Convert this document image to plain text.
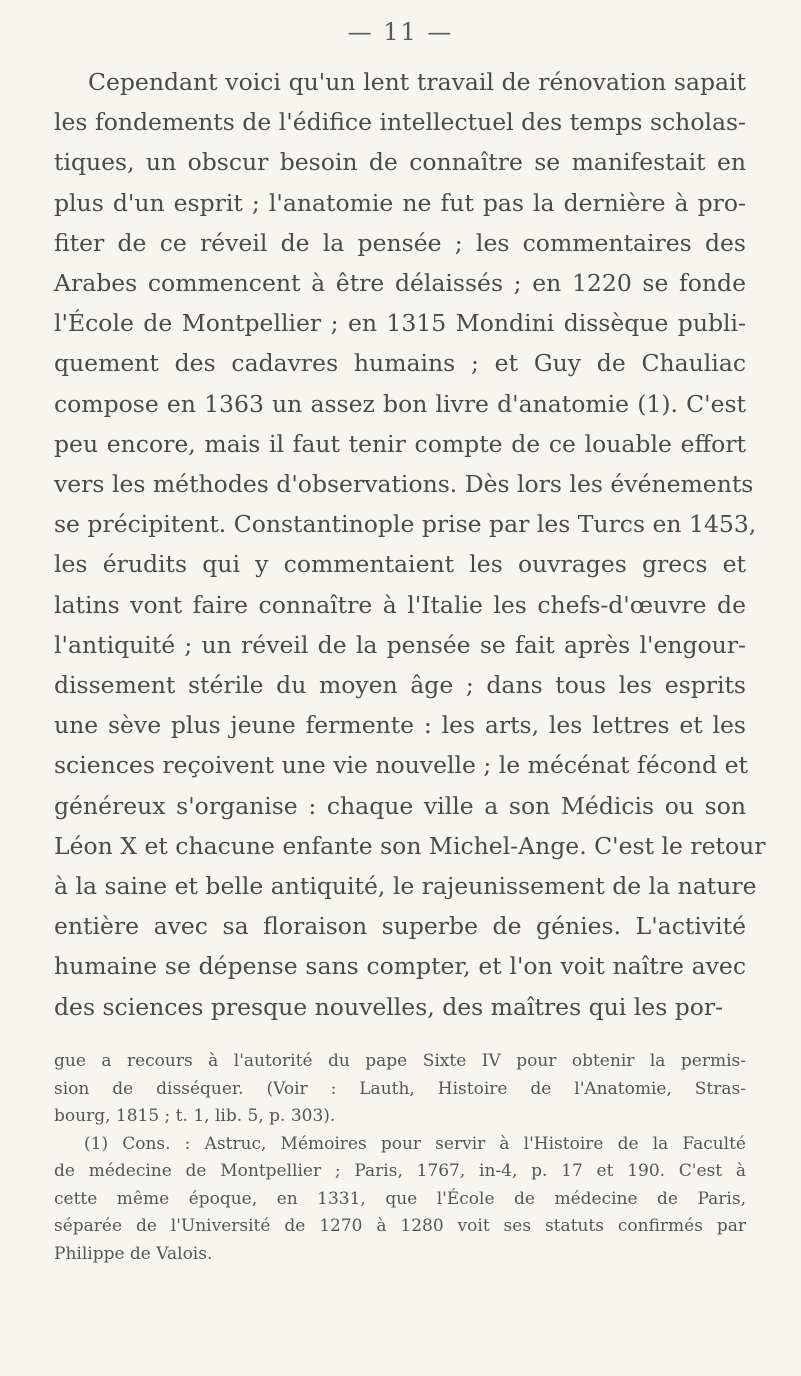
— 11 —
Cependant voici qu'un lent travail de rénovation sapait
les fondements de l'édifice intellectuel des temps scholas-
tiques, un obscur besoin de connaître se manifestait en
plus d'un esprit ; l'anatomie ne fut pas la dernière à pro-
fiter de ce réveil de la pensée ; les commentaires des
Arabes commencent à être délaissés ; en 1220 se fonde
l'École de Montpellier ; en 1315 Mondini dissèque publi-
quement des cadavres humains ; et Guy de Chauliac
compose en 1363 un assez bon livre d'anatomie (1). C'est
peu encore, mais il faut tenir compte de ce louable effort
vers les méthodes d'observations. Dès lors les événements
se précipitent. Constantinople prise par les Turcs en 1453,
les érudits qui y commentaient les ouvrages grecs et
latins vont faire connaître à l'Italie les chefs-d'œuvre de
l'antiquité ; un réveil de la pensée se fait après l'engour-
dissement stérile du moyen âge ; dans tous les esprits
une sève plus jeune fermente : les arts, les lettres et les
sciences reçoivent une vie nouvelle ; le mécénat fécond et
généreux s'organise : chaque ville a son Médicis ou son
Léon X et chacune enfante son Michel-Ange. C'est le retour
à la saine et belle antiquité, le rajeunissement de la nature
entière avec sa floraison superbe de génies. L'activité
humaine se dépense sans compter, et l'on voit naître avec
des sciences presque nouvelles, des maîtres qui les por-
gue a recours à l'autorité du pape Sixte IV pour obtenir la permis-
sion de disséquer. (Voir : Lauth, Histoire de l'Anatomie, Stras-
bourg, 1815 ; t. 1, lib. 5, p. 303).
(1) Cons. : Astruc, Mémoires pour servir à l'Histoire de la Faculté
de médecine de Montpellier ; Paris, 1767, in-4, p. 17 et 190. C'est à
cette même époque, en 1331, que l'École de médecine de Paris,
séparée de l'Université de 1270 à 1280 voit ses statuts confirmés par
Philippe de Valois.
